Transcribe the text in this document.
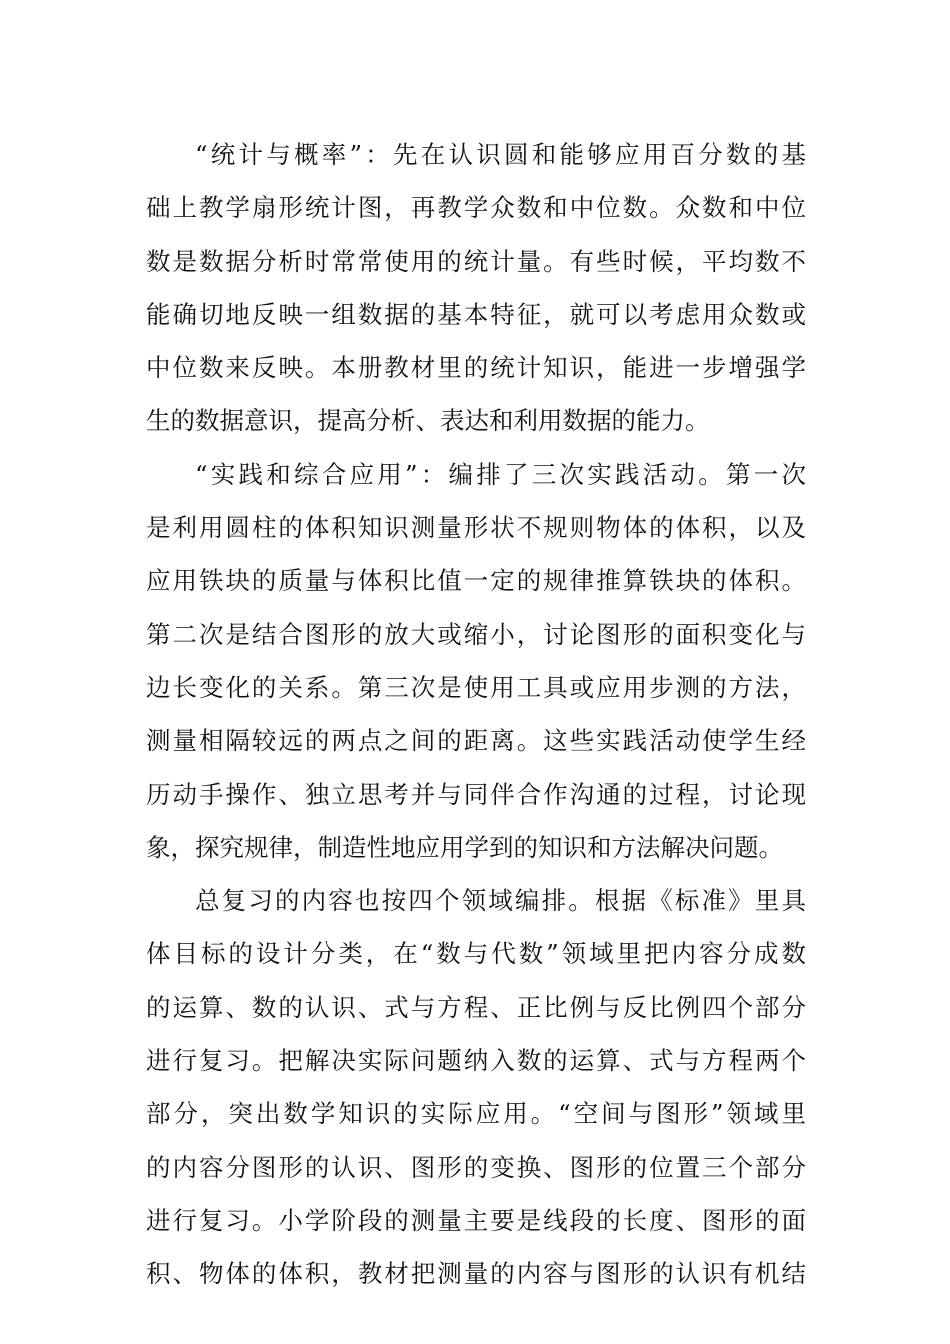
“统计与概率”：先在认识圆和能够应用百分数的基
础上教学扇形统计图，再教学众数和中位数。众数和中位
数是数据分析时常常使用的统计量。有些时候，平均数不
能确切地反映一组数据的基本特征，就可以考虑用众数或
中位数来反映。本册教材里的统计知识，能进一步增强学
生的数据意识，提高分析、表达和利用数据的能力。
“实践和综合应用”：编排了三次实践活动。第一次
是利用圆柱的体积知识测量形状不规则物体的体积，以及
应用铁块的质量与体积比值一定的规律推算铁块的体积。
第二次是结合图形的放大或缩小，讨论图形的面积变化与
边长变化的关系。第三次是使用工具或应用步测的方法，
测量相隔较远的两点之间的距离。这些实践活动使学生经
历动手操作、独立思考并与同伴合作沟通的过程，讨论现
象，探究规律，制造性地应用学到的知识和方法解决问题。
总复习的内容也按四个领域编排。根据《标准》里具
体目标的设计分类，在“数与代数”领域里把内容分成数
的运算、数的认识、式与方程、正比例与反比例四个部分
进行复习。把解决实际问题纳入数的运算、式与方程两个
部分，突出数学知识的实际应用。“空间与图形”领域里
的内容分图形的认识、图形的变换、图形的位置三个部分
进行复习。小学阶段的测量主要是线段的长度、图形的面
积、物体的体积，教材把测量的内容与图形的认识有机结
